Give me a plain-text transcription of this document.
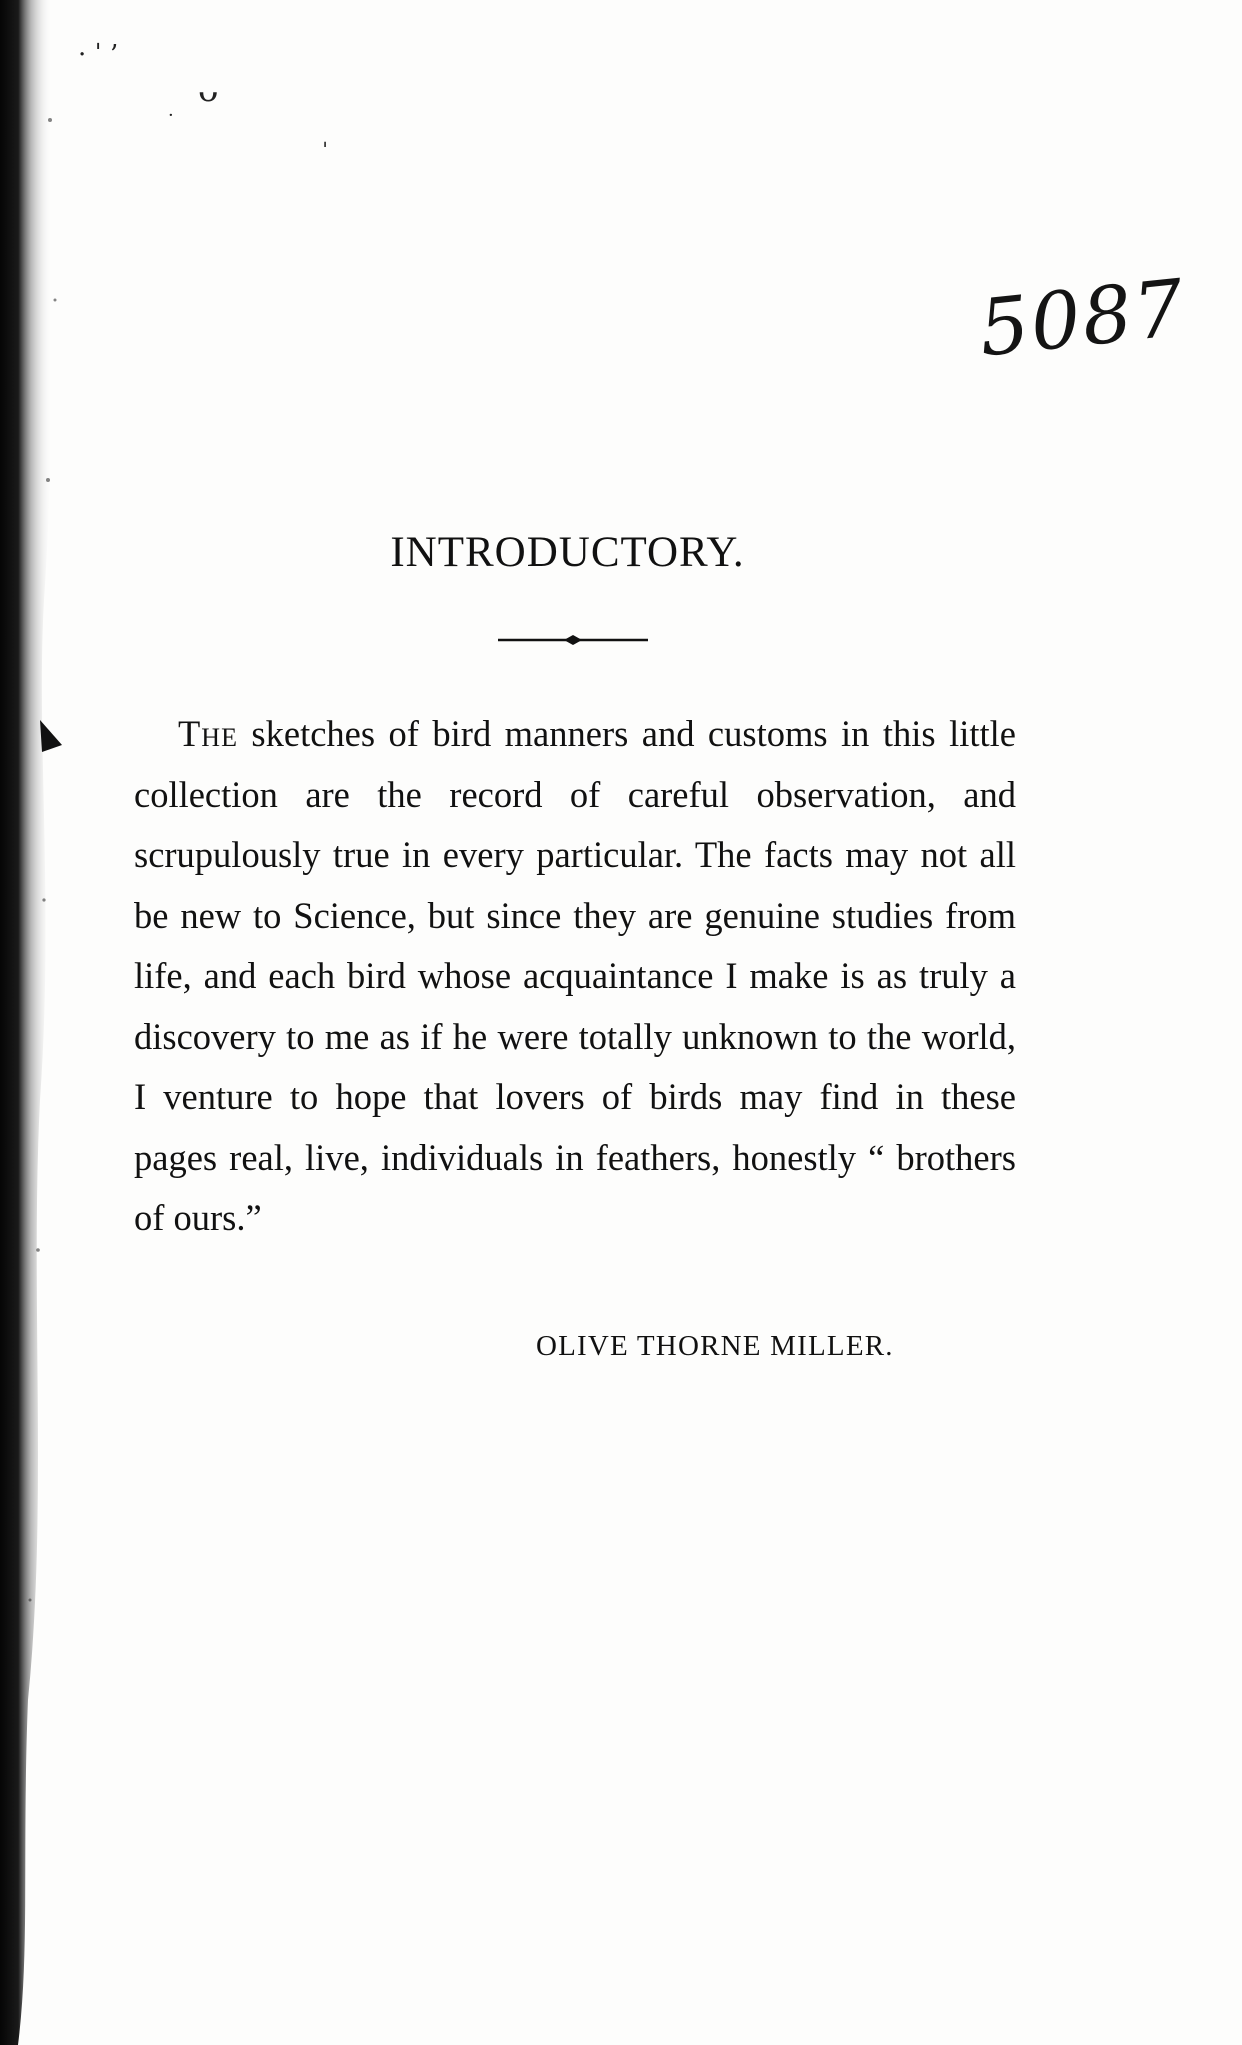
· ˈ ’
ᴗ
·
ˌ
5087
INTRODUCTORY.

The sketches of bird manners and customs in this little collection are the record of careful observation, and scrupulously true in every particular. The facts may not all be new to Science, but since they are genuine studies from life, and each bird whose acquaintance I make is as truly a discovery to me as if he were totally unknown to the world, I venture to hope that lovers of birds may find in these pages real, live, individuals in feathers, honestly “ brothers of ours.”

OLIVE THORNE MILLER.
